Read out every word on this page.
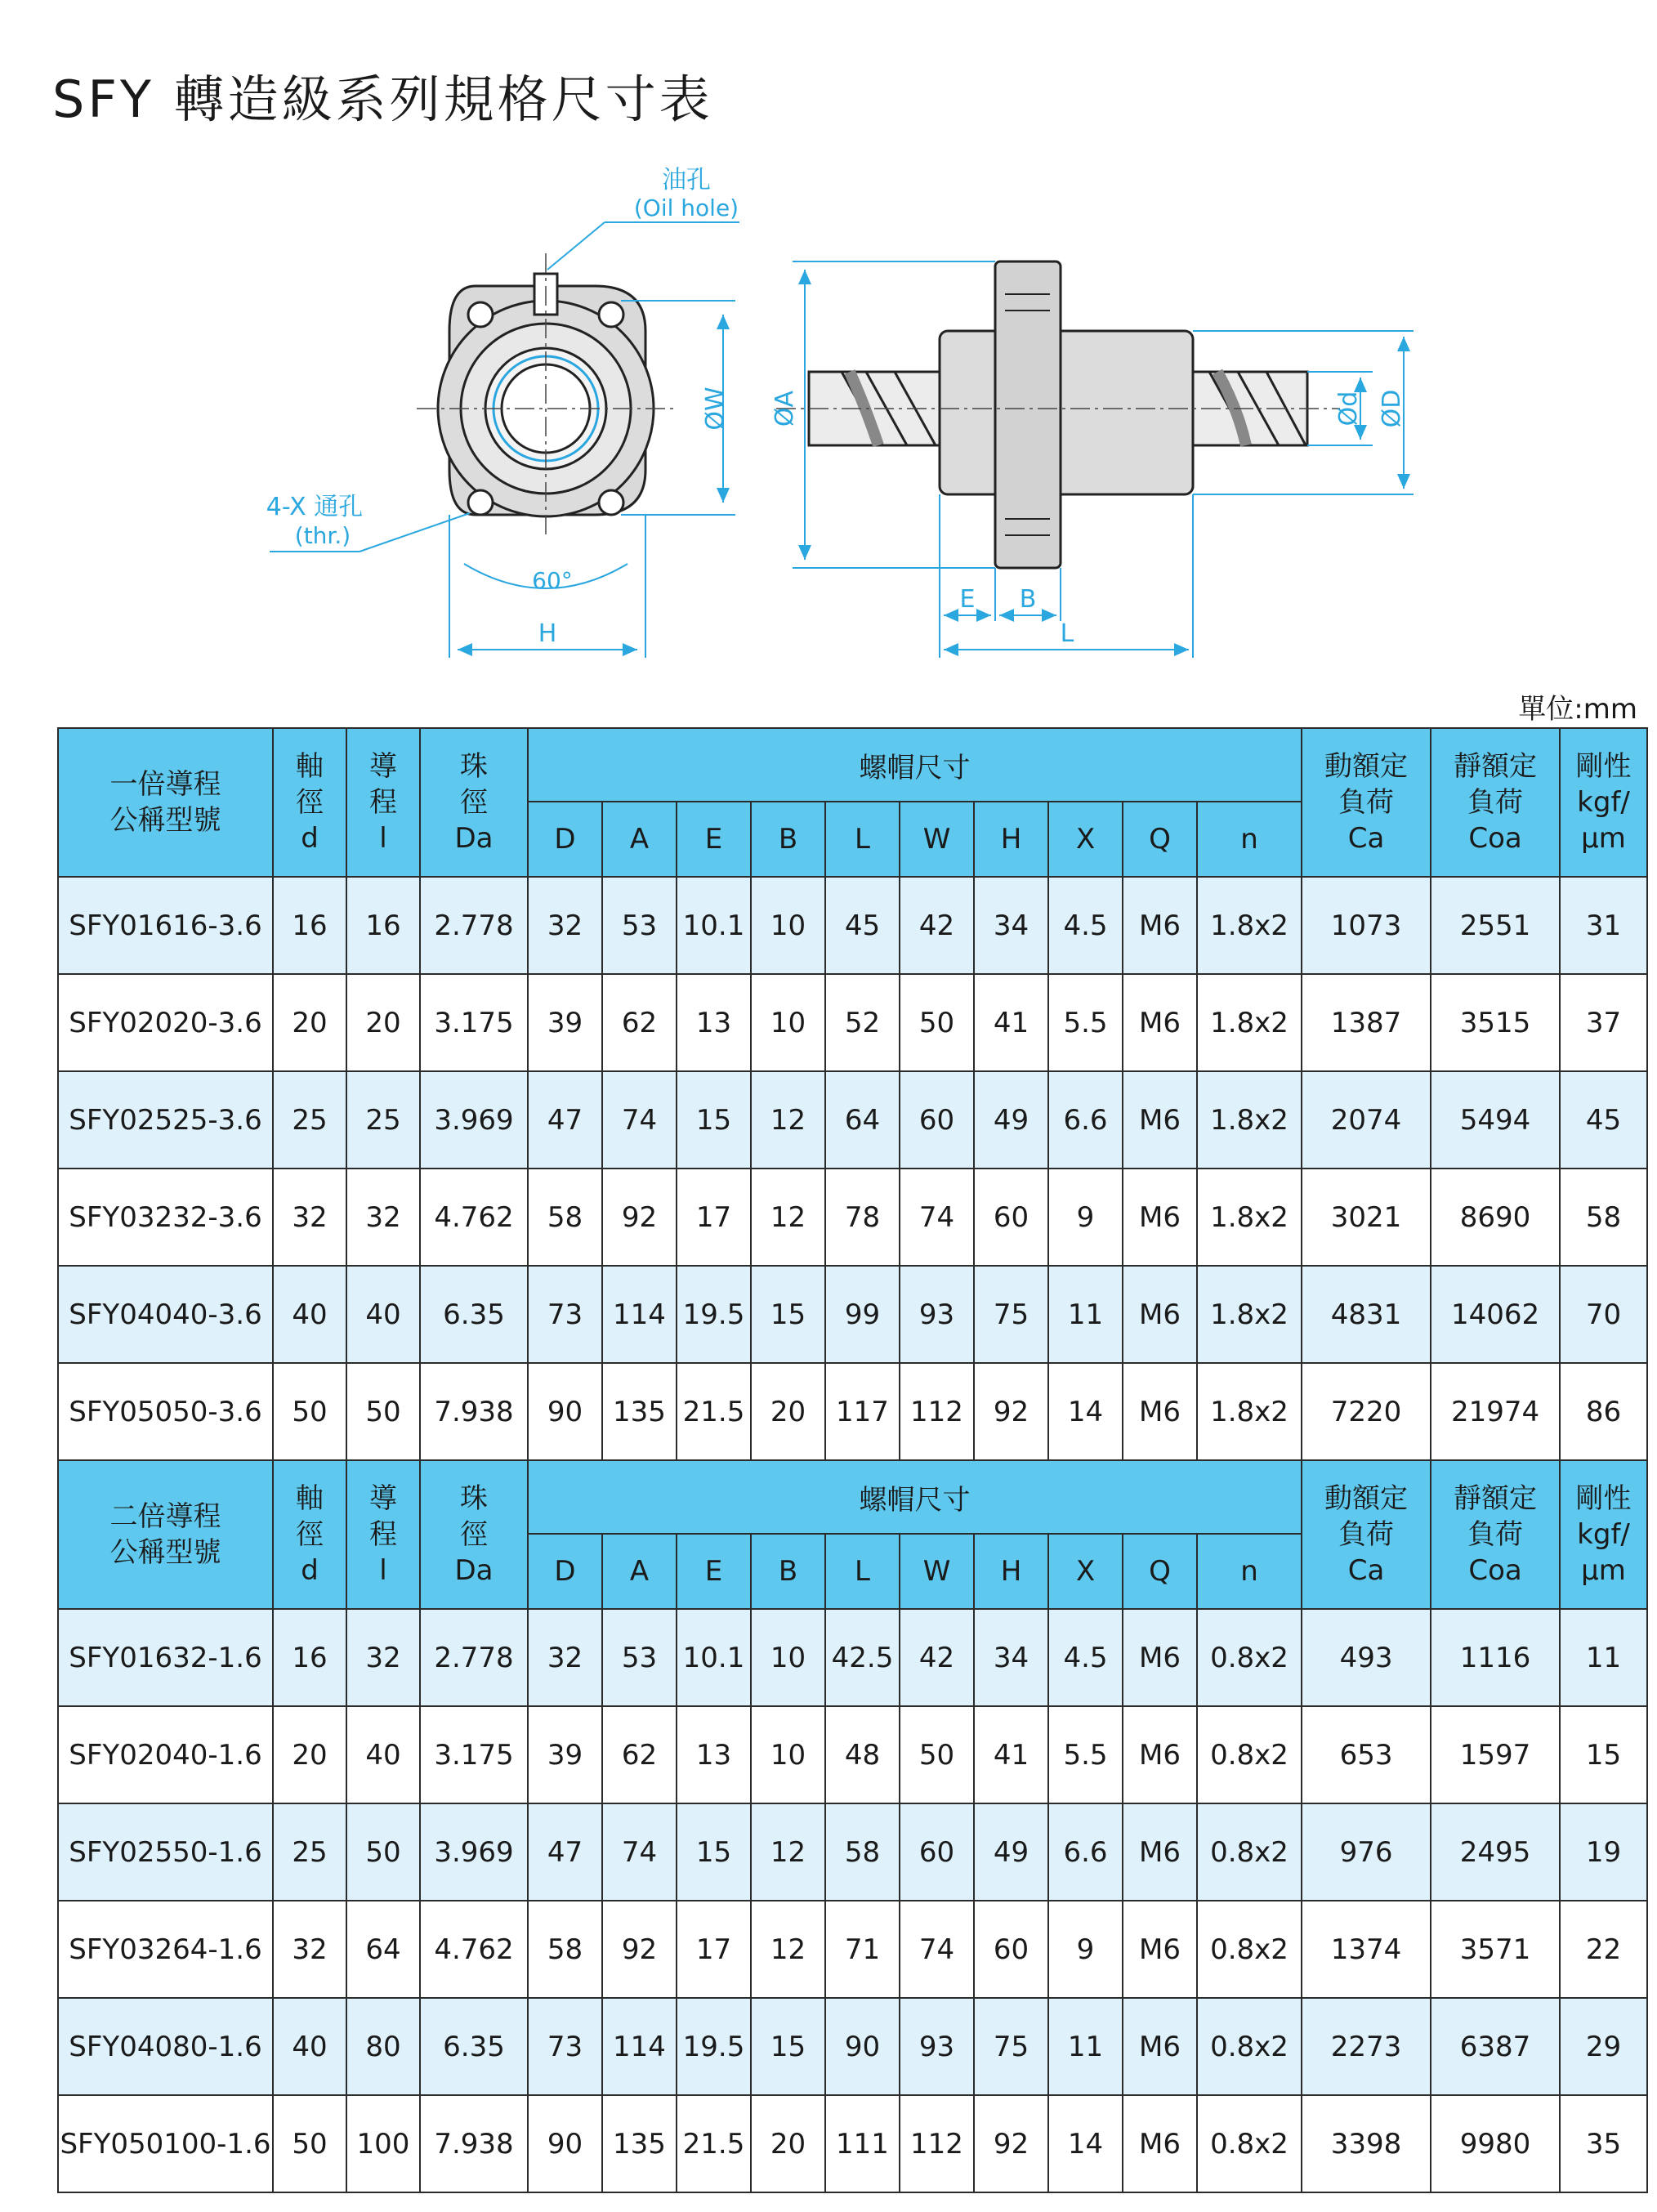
SFY 轉造級系列規格尺寸表
ØW
H
60°
油孔
(Oil hole)
4-X 通孔
(thr.)
ØA	Ød ØD
E B
L
單位:mm
一倍導程
公稱型號	軸
徑
d	導
程
l	珠
徑
Da	螺帽尺寸										動額定
負荷
Ca	靜額定
負荷
Coa	剛性
kgf/
μm

				D	A	E	B	L	W	H	X	Q	n			
SFY01616-3.6	16	16	2.778	32	53	10.1	10	45	42	34	4.5	M6	1.8x2	1073	2551	31
SFY02020-3.6	20	20	3.175	39	62	13	10	52	50	41	5.5	M6	1.8x2	1387	3515	37
SFY02525-3.6	25	25	3.969	47	74	15	12	64	60	49	6.6	M6	1.8x2	2074	5494	45
SFY03232-3.6	32	32	4.762	58	92	17	12	78	74	60	9	M6	1.8x2	3021	8690	58
SFY04040-3.6	40	40	6.35	73	114	19.5	15	99	93	75	11	M6	1.8x2	4831	14062	70
SFY05050-3.6	50	50	7.938	90	135	21.5	20	117	112	92	14	M6	1.8x2	7220	21974	86

二倍導程
公稱型號	軸
徑
d	導
程
l	珠
徑
Da	螺帽尺寸										動額定
負荷
Ca	靜額定
負荷
Coa	剛性
kgf/
μm

				D	A	E	B	L	W	H	X	Q	n			
SFY01632-1.6	16	32	2.778	32	53	10.1	10	42.5	42	34	4.5	M6	0.8x2	493	1116	11
SFY02040-1.6	20	40	3.175	39	62	13	10	48	50	41	5.5	M6	0.8x2	653	1597	15
SFY02550-1.6	25	50	3.969	47	74	15	12	58	60	49	6.6	M6	0.8x2	976	2495	19
SFY03264-1.6	32	64	4.762	58	92	17	12	71	74	60	9	M6	0.8x2	1374	3571	22
SFY04080-1.6	40	80	6.35	73	114	19.5	15	90	93	75	11	M6	0.8x2	2273	6387	29
SFY050100-1.6	50	100	7.938	90	135	21.5	20	111	112	92	14	M6	0.8x2	3398	9980	35
